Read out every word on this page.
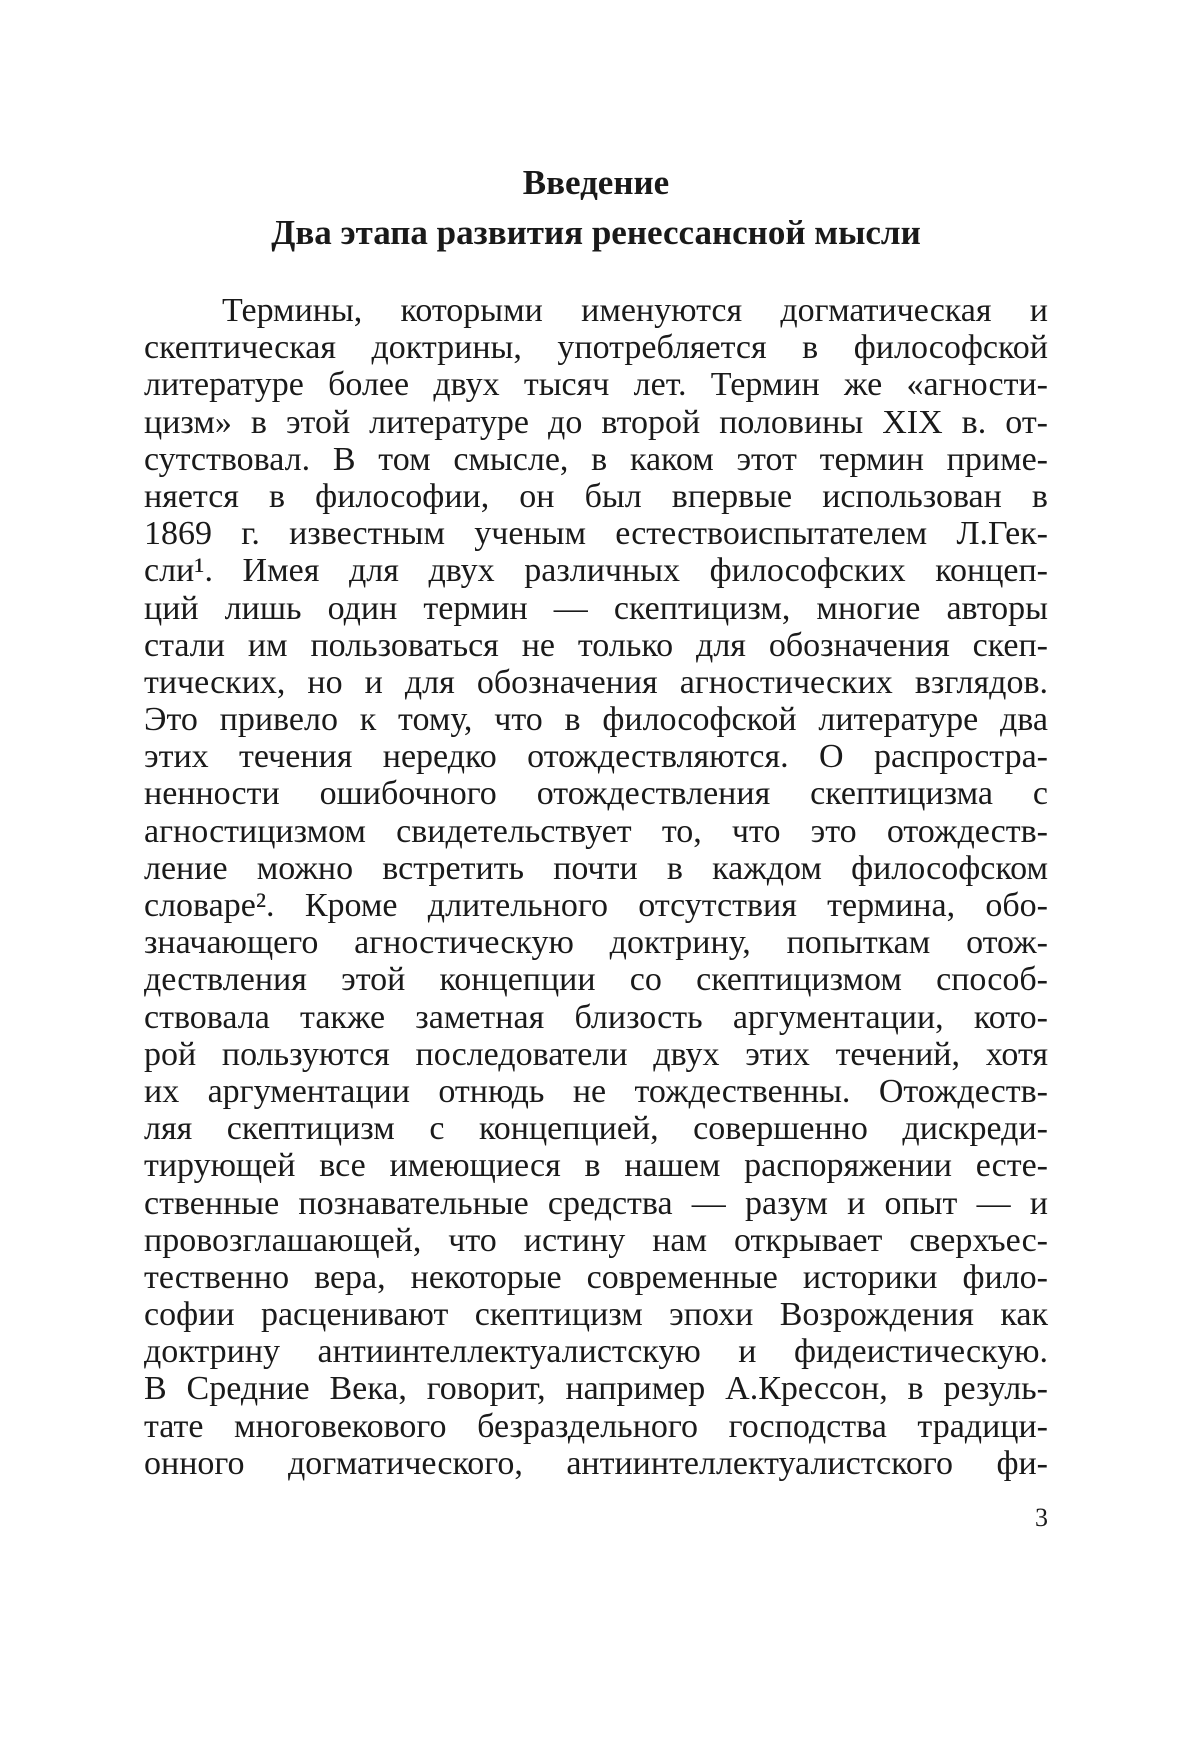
Введение
Два этапа развития ренессансной мысли
Термины, которыми именуются догматическая и
скептическая доктрины, употребляется в философской
литературе более двух тысяч лет. Термин же «агности-
цизм» в этой литературе до второй половины XIX в. от-
сутствовал. В том смысле, в каком этот термин приме-
няется в философии, он был впервые использован в
1869 г. известным ученым естествоиспытателем Л.Гек-
сли¹. Имея для двух различных философских концеп-
ций лишь один термин — скептицизм, многие авторы
стали им пользоваться не только для обозначения скеп-
тических, но и для обозначения агностических взглядов.
Это привело к тому, что в философской литературе два
этих течения нередко отождествляются. О распростра-
ненности ошибочного отождествления скептицизма с
агностицизмом свидетельствует то, что это отождеств-
ление можно встретить почти в каждом философском
словаре². Кроме длительного отсутствия термина, обо-
значающего агностическую доктрину, попыткам отож-
дествления этой концепции со скептицизмом способ-
ствовала также заметная близость аргументации, кото-
рой пользуются последователи двух этих течений, хотя
их аргументации отнюдь не тождественны. Отождеств-
ляя скептицизм с концепцией, совершенно дискреди-
тирующей все имеющиеся в нашем распоряжении есте-
ственные познавательные средства — разум и опыт — и
провозглашающей, что истину нам открывает сверхъес-
тественно вера, некоторые современные историки фило-
софии расценивают скептицизм эпохи Возрождения как
доктрину антиинтеллектуалистскую и фидеистическую.
В Средние Века, говорит, например А.Крессон, в резуль-
тате многовекового безраздельного господства традици-
онного догматического, антиинтеллектуалистского фи-
3
